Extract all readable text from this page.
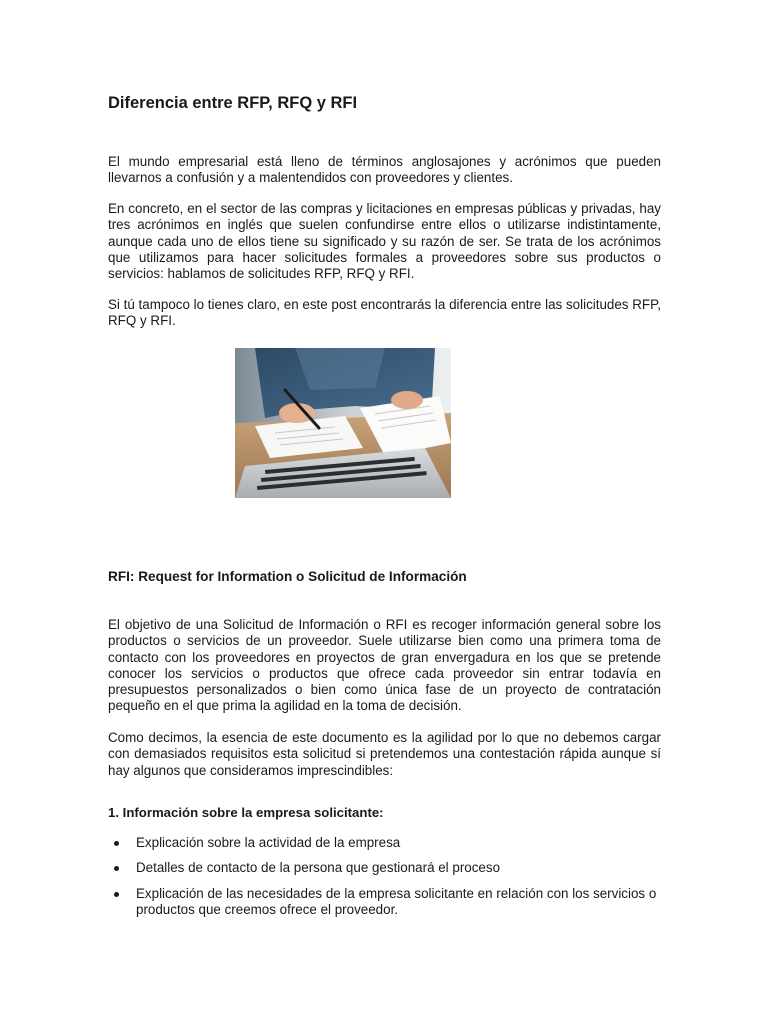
Diferencia entre RFP, RFQ y RFI

El mundo empresarial está lleno de términos anglosajones y acrónimos que pueden llevarnos a confusión y a malentendidos con proveedores y clientes.

En concreto, en el sector de las compras y licitaciones en empresas públicas y privadas, hay tres acrónimos en inglés que suelen confundirse entre ellos o utilizarse indistintamente, aunque cada uno de ellos tiene su significado y su razón de ser. Se trata de los acrónimos que utilizamos para hacer solicitudes formales a proveedores sobre sus productos o servicios: hablamos de solicitudes RFP, RFQ y RFI.

Si tú tampoco lo tienes claro, en este post encontrarás la diferencia entre las solicitudes RFP, RFQ y RFI.

RFI: Request for Information o Solicitud de Información

El objetivo de una Solicitud de Información o RFI es recoger información general sobre los productos o servicios de un proveedor. Suele utilizarse bien como una primera toma de contacto con los proveedores en proyectos de gran envergadura en los que se pretende conocer los servicios o productos que ofrece cada proveedor sin entrar todavía en presupuestos personalizados o bien como única fase de un proyecto de contratación pequeño en el que prima la agilidad en la toma de decisión.

Como decimos, la esencia de este documento es la agilidad por lo que no debemos cargar con demasiados requisitos esta solicitud si pretendemos una contestación rápida aunque sí hay algunos que consideramos imprescindibles:

1. Información sobre la empresa solicitante:
Explicación sobre la actividad de la empresa
Detalles de contacto de la persona que gestionará el proceso
Explicación de las necesidades de la empresa solicitante en relación con los servicios o productos que creemos ofrece el proveedor.
